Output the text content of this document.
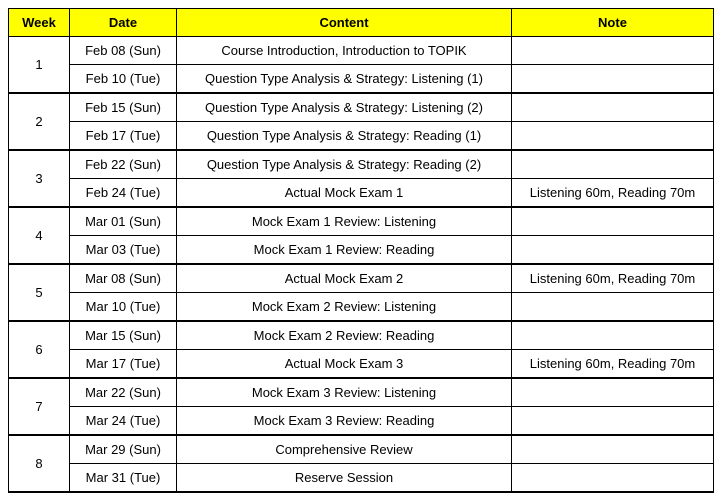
Week	Date	Content	Note
1	Feb 08 (Sun)	Course Introduction, Introduction to TOPIK	
	Feb 10 (Tue)	Question Type Analysis & Strategy: Listening (1)	
2	Feb 15 (Sun)	Question Type Analysis & Strategy: Listening (2)	
	Feb 17 (Tue)	Question Type Analysis & Strategy: Reading (1)	
3	Feb 22 (Sun)	Question Type Analysis & Strategy: Reading (2)	
	Feb 24 (Tue)	Actual Mock Exam 1	Listening 60m, Reading 70m
4	Mar 01 (Sun)	Mock Exam 1 Review: Listening	
	Mar 03 (Tue)	Mock Exam 1 Review: Reading	
5	Mar 08 (Sun)	Actual Mock Exam 2	Listening 60m, Reading 70m
	Mar 10 (Tue)	Mock Exam 2 Review: Listening	
6	Mar 15 (Sun)	Mock Exam 2 Review: Reading	
	Mar 17 (Tue)	Actual Mock Exam 3	Listening 60m, Reading 70m
7	Mar 22 (Sun)	Mock Exam 3 Review: Listening	
	Mar 24 (Tue)	Mock Exam 3 Review: Reading	
8	Mar 29 (Sun)	Comprehensive Review	
	Mar 31 (Tue)	Reserve Session	
